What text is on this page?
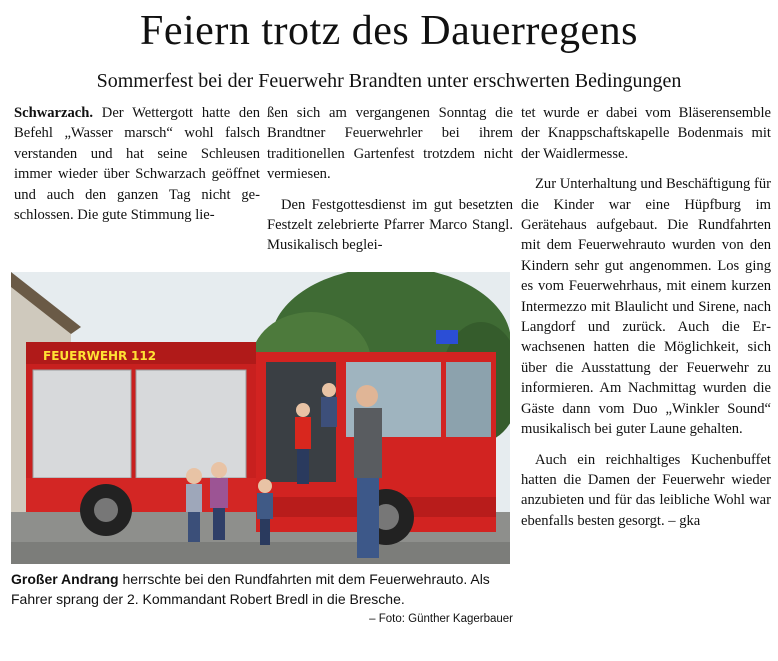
Feiern trotz des Dauerregens
Sommerfest bei der Feuerwehr Brandten unter erschwerten Bedingungen

Schwarzach. Der Wettergott hatte den Befehl „Wasser marsch“ wohl falsch verstanden und hat seine Schleusen immer wieder über Schwarzach geöffnet und auch den ganzen Tag nicht geschlossen. Die gute Stimmung lie-

ßen sich am vergangenen Sonntag die Brandtner Feuerwehrler bei ihrem traditionellen Gartenfest trotzdem nicht vermiesen.

Den Festgottesdienst im gut besetzten Festzelt zelebrierte Pfarrer Marco Stangl. Musikalisch beglei-

tet wurde er dabei vom Bläserensemble der Knappschaftskapelle Bodenmais mit der Waidlermesse.

Zur Unterhaltung und Beschäftigung für die Kinder war eine Hüpfburg im Gerätehaus aufgebaut. Die Rundfahrten mit dem Feuerwehrauto wurden von den Kindern sehr gut angenommen. Los ging es vom Feuerwehrhaus, mit einem kurzen Intermezzo mit Blaulicht und Sirene, nach Langdorf und zurück. Auch die Erwachsenen hatten die Möglichkeit, sich über die Ausstattung der Feuerwehr zu informieren. Am Nachmittag wurden die Gäste dann vom Duo „Winkler Sound“ musikalisch bei guter Laune gehalten.

Auch ein reichhaltiges Kuchenbuffet hatten die Damen der Feuerwehr wieder anzubieten und für das leibliche Wohl war ebenfalls besten gesorgt. – gka

FEUERWEHR 112
Großer Andrang herrschte bei den Rundfahrten mit dem Feuerwehrauto. Als Fahrer sprang der 2. Kommandant Robert Bredl in die Bresche.
– Foto: Günther Kagerbauer
